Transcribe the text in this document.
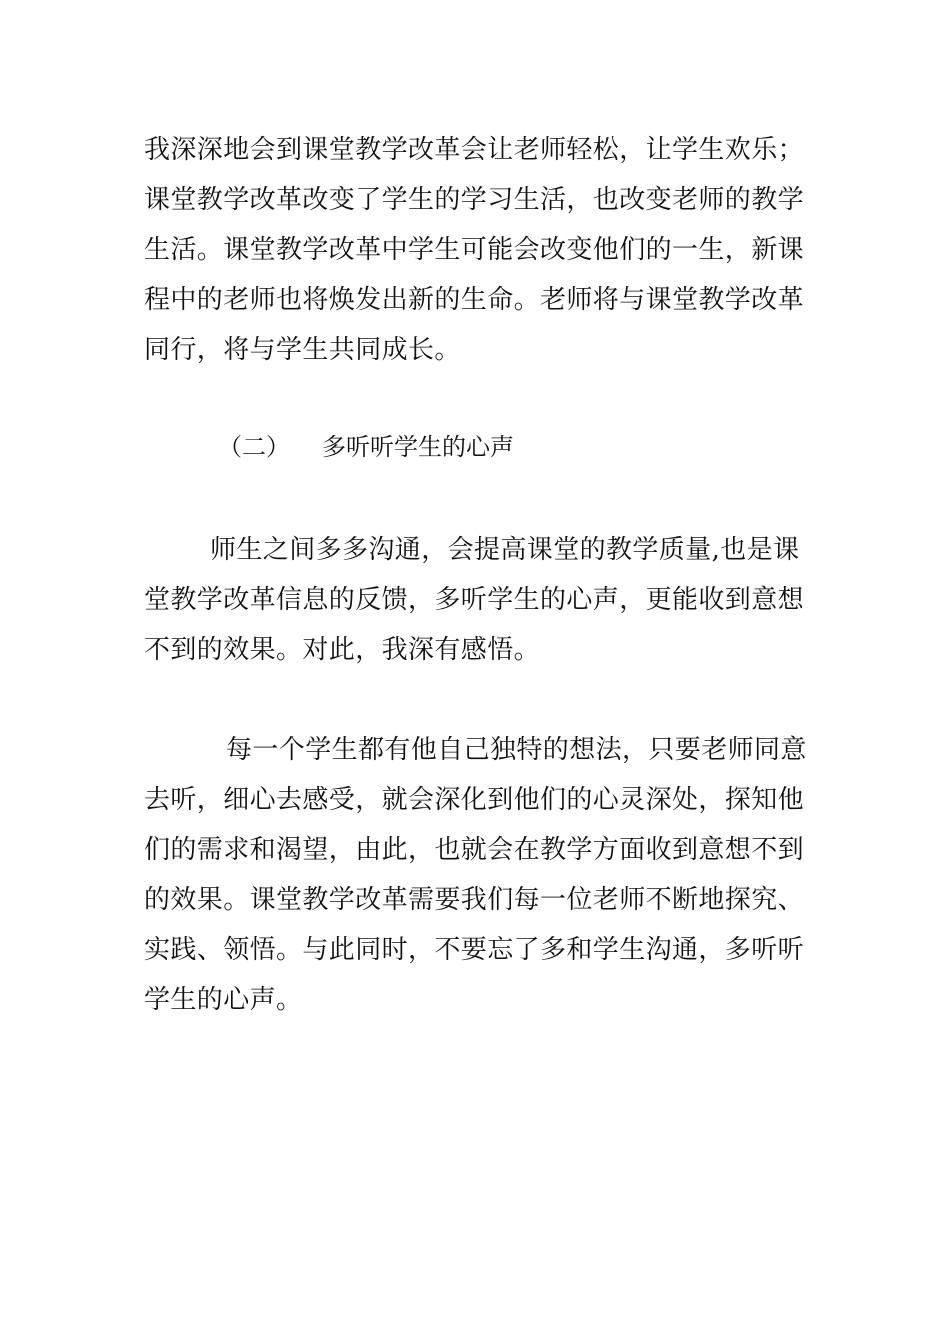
我深深地会到课堂教学改革会让老师轻松，让学生欢乐；
课堂教学改革改变了学生的学习生活，也改变老师的教学
生活。课堂教学改革中学生可能会改变他们的一生，新课
程中的老师也将焕发出新的生命。老师将与课堂教学改革
同行，将与学生共同成长。
（二） 多听听学生的心声
师生之间多多沟通，会提高课堂的教学质量,也是课
堂教学改革信息的反馈，多听学生的心声，更能收到意想
不到的效果。对此，我深有感悟。
每一个学生都有他自己独特的想法，只要老师同意
去听，细心去感受，就会深化到他们的心灵深处，探知他
们的需求和渴望，由此，也就会在教学方面收到意想不到
的效果。课堂教学改革需要我们每一位老师不断地探究、
实践、领悟。与此同时，不要忘了多和学生沟通，多听听
学生的心声。
